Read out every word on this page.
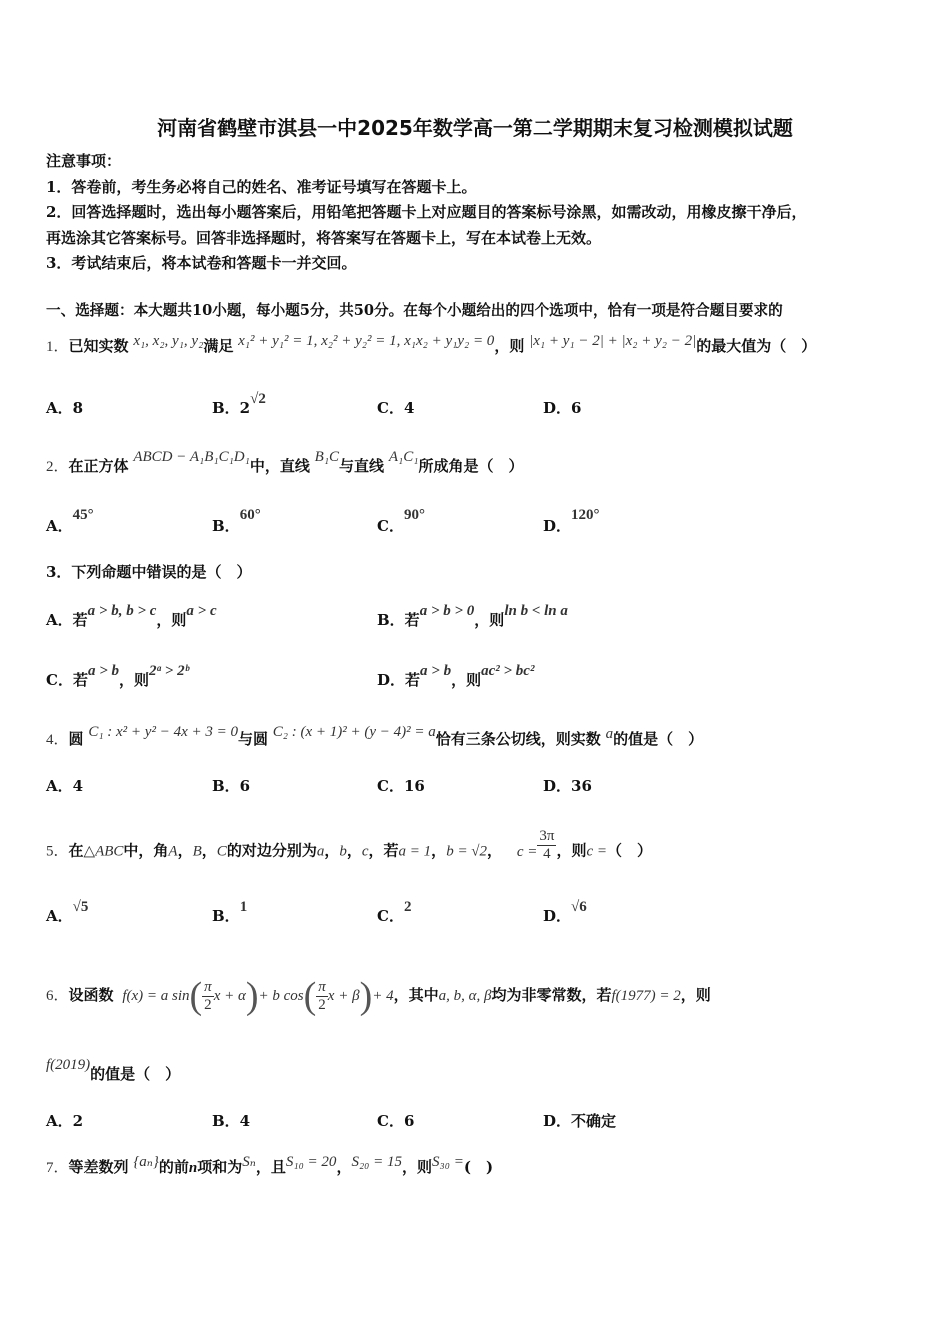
河南省鹤壁市淇县一中2025年数学高一第二学期期末复习检测模拟试题
注意事项：
1．答卷前，考生务必将自己的姓名、准考证号填写在答题卡上。
2．回答选择题时，选出每小题答案后，用铅笔把答题卡上对应题目的答案标号涂黑，如需改动，用橡皮擦干净后，
再选涂其它答案标号。回答非选择题时，将答案写在答题卡上，写在本试卷上无效。
3．考试结束后，将本试卷和答题卡一并交回。
一、选择题：本大题共10小题，每小题5分，共50分。在每个小题给出的四个选项中，恰有一项是符合题目要求的
1．已知实数 x₁, x₂, y₁, y₂满足 x₁² + y₁² = 1, x₂² + y₂² = 1, x₁x₂ + y₁y₂ = 0，则 |x₁ + y₁ − 2| + |x₂ + y₂ − 2|的最大值为（　）
A．8	B．2√2	C．4	D．6
2．在正方体 ABCD − A₁B₁C₁D₁中，直线 B₁C与直线 A₁C₁所成角是（　）
A．45°
B．60°
C．90°
D．120°
3．下列命题中错误的是（　）
A．若a > b, b > c，则a > c	B．若a > b > 0，则ln b < ln a
C．若a > b，则2ᵃ > 2ᵇ	D．若a > b，则ac² > bc²
4．圆 C₁ : x² + y² − 4x + 3 = 0与圆 C₂ : (x + 1)² + (y − 4)² = a恰有三条公切线，则实数 a的值是（　）
A．4	B．6	C．16	D．36
5．在△ABC中，角A，B，C的对边分别为a，b，c，若a = 1，b = √2， $c = \frac{3\pi}{4}$ ，则c =（　）
A．√5	B．1	C．2	D．√6
6．设函数 f(x) = a $\sin( \frac{\pi}{2}$ x + α)+ b $\cos( \frac{\pi}{2}$ x + β)+ 4，其中a, b, α, β均为非零常数，若f(1977) = 2，则
f(2019)的值是（　）
A．2	B．4	C．6	D．不确定
7．等差数列 {aₙ}的前n项和为Sₙ，且S₁₀ = 20，S₂₀ = 15，则S₃₀ =(　)
